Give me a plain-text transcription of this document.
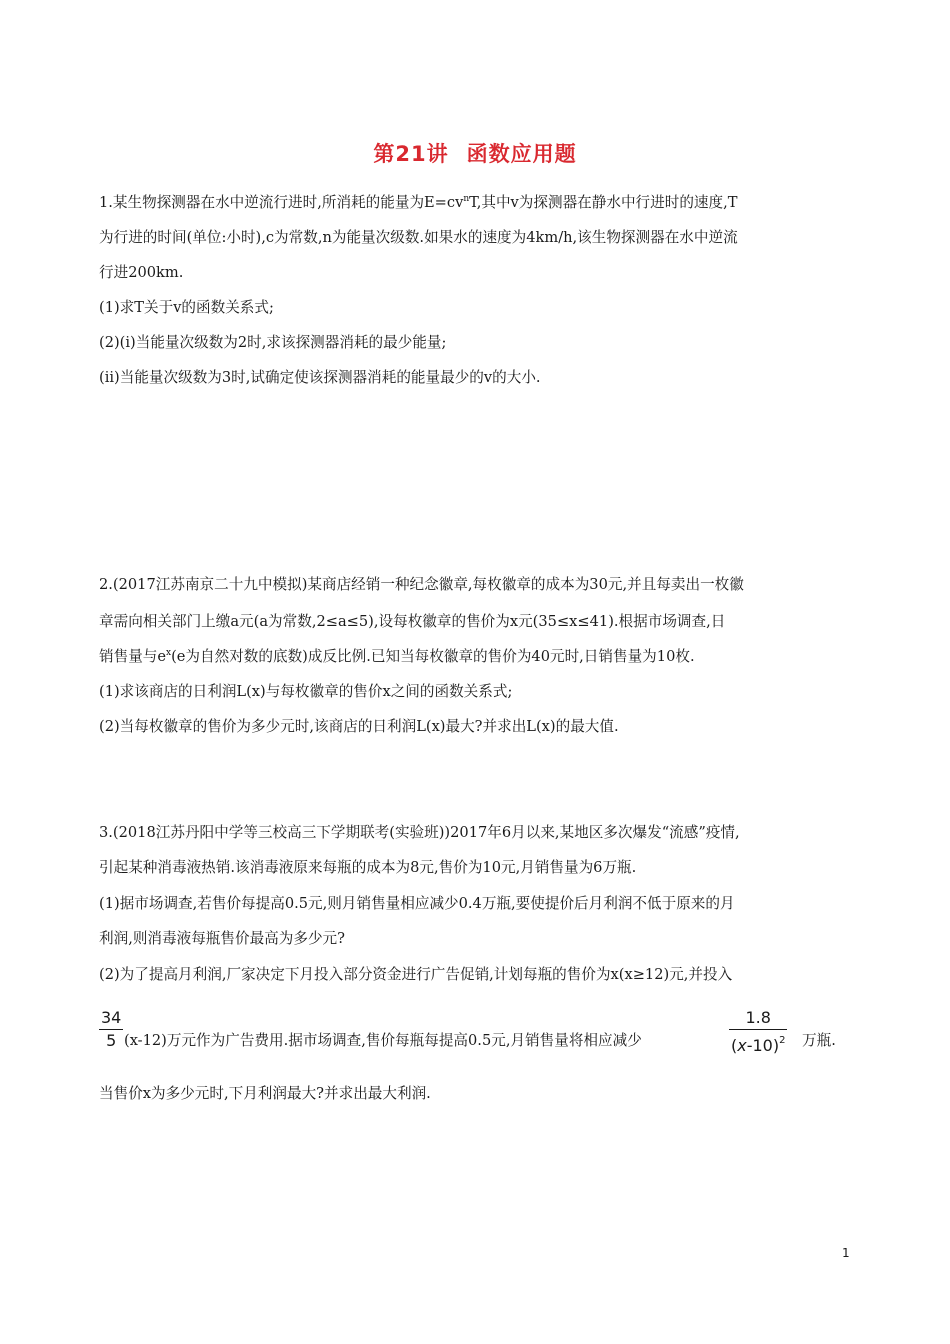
第21讲 函数应用题
1.某生物探测器在水中逆流行进时,所消耗的能量为$E=cv^nT$,其中v为探测器在静水中行进时的速度,T
为行进的时间(单位:小时),c为常数,n为能量次级数.如果水的速度为4km/h,该生物探测器在水中逆流
行进200km.
(1)求T关于v的函数关系式;
(2)(i)当能量次级数为2时,求该探测器消耗的最少能量;
(ii)当能量次级数为3时,试确定使该探测器消耗的能量最少的v的大小.
2.(2017江苏南京二十九中模拟)某商店经销一种纪念徽章,每枚徽章的成本为30元,并且每卖出一枚徽
章需向相关部门上缴a元(a为常数,2≤a≤5),设每枚徽章的售价为x元(35≤x≤41).根据市场调查,日
销售量与$e^x(e$为自然对数的底数)成反比例.已知当每枚徽章的售价为40元时,日销售量为10枚.
(1)求该商店的日利润L(x)与每枚徽章的售价x之间的函数关系式;
(2)当每枚徽章的售价为多少元时,该商店的日利润L(x)最大?并求出L(x)的最大值.
3.(2018江苏丹阳中学等三校高三下学期联考(实验班))2017年6月以来,某地区多次爆发“流感”疫情,
引起某种消毒液热销.该消毒液原来每瓶的成本为8元,售价为10元,月销售量为6万瓶.
(1)据市场调查,若售价每提高0.5元,则月销售量相应减少0.4万瓶,要使提价后月利润不低于原来的月
利润,则消毒液每瓶售价最高为多少元?
(2)为了提高月利润,厂家决定下月投入部分资金进行广告促销,计划每瓶的售价为x(x≥12)元,并投入
34
5 (x-12)万元作为广告费用.据市场调查,售价每瓶每提高0.5元,月销售量将相应减少
1.8
$(x-10)^2$ 万瓶.
当售价x为多少元时,下月利润最大?并求出最大利润.
1
